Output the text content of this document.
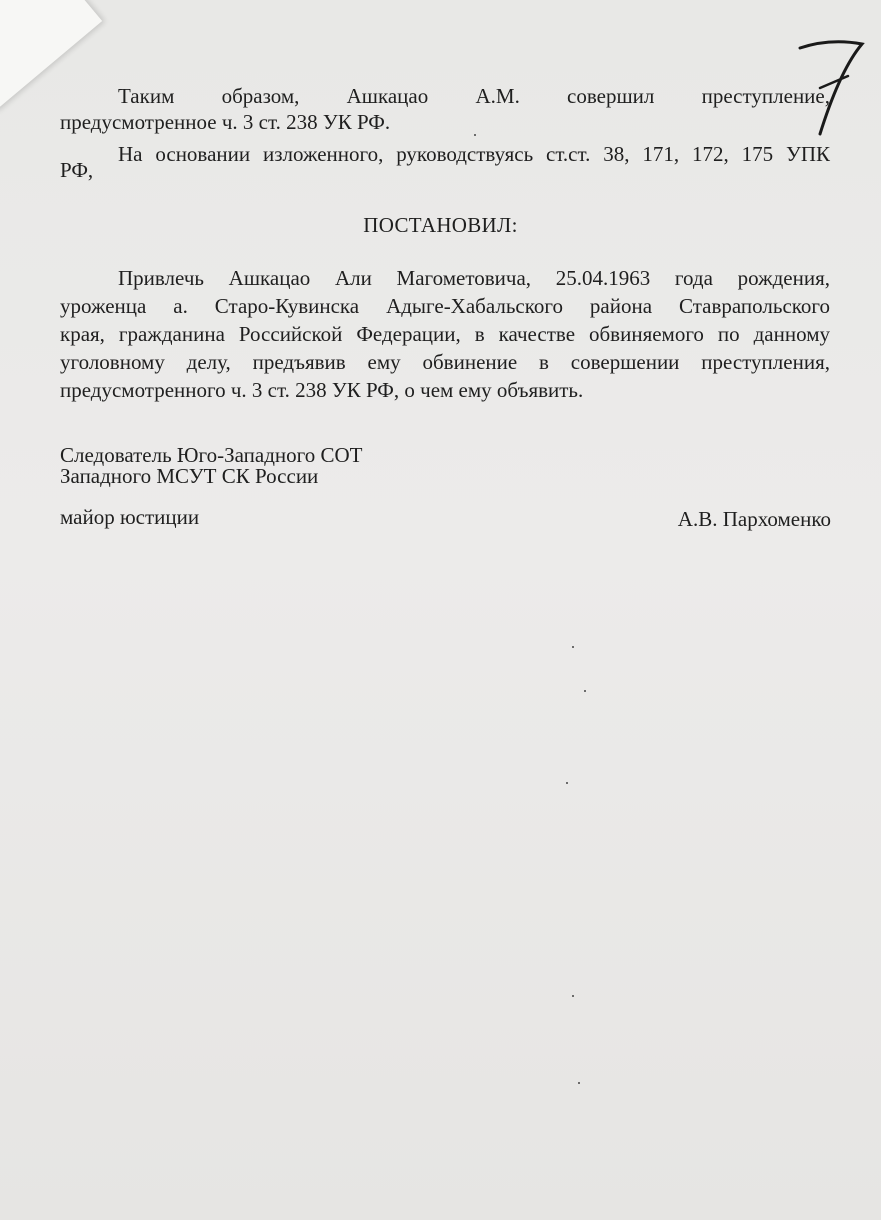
Таким образом, Ашкацао А.М. совершил преступление,
предусмотренное ч. 3 ст. 238 УК РФ.
На основании изложенного, руководствуясь ст.ст. 38, 171, 172, 175 УПК
РФ,
ПОСТАНОВИЛ:
Привлечь Ашкацао Али Магометовича, 25.04.1963 года рождения,
уроженца а. Старо-Кувинска Адыге-Хабальского района Ставрапольского
края, гражданина Российской Федерации, в качестве обвиняемого по данному
уголовному делу, предъявив ему обвинение в совершении преступления,
предусмотренного ч. 3 ст. 238 УК РФ, о чем ему объявить.
Следователь Юго-Западного СОТ
Западного МСУТ СК России
майор юстиции	А.В. Пархоменко
